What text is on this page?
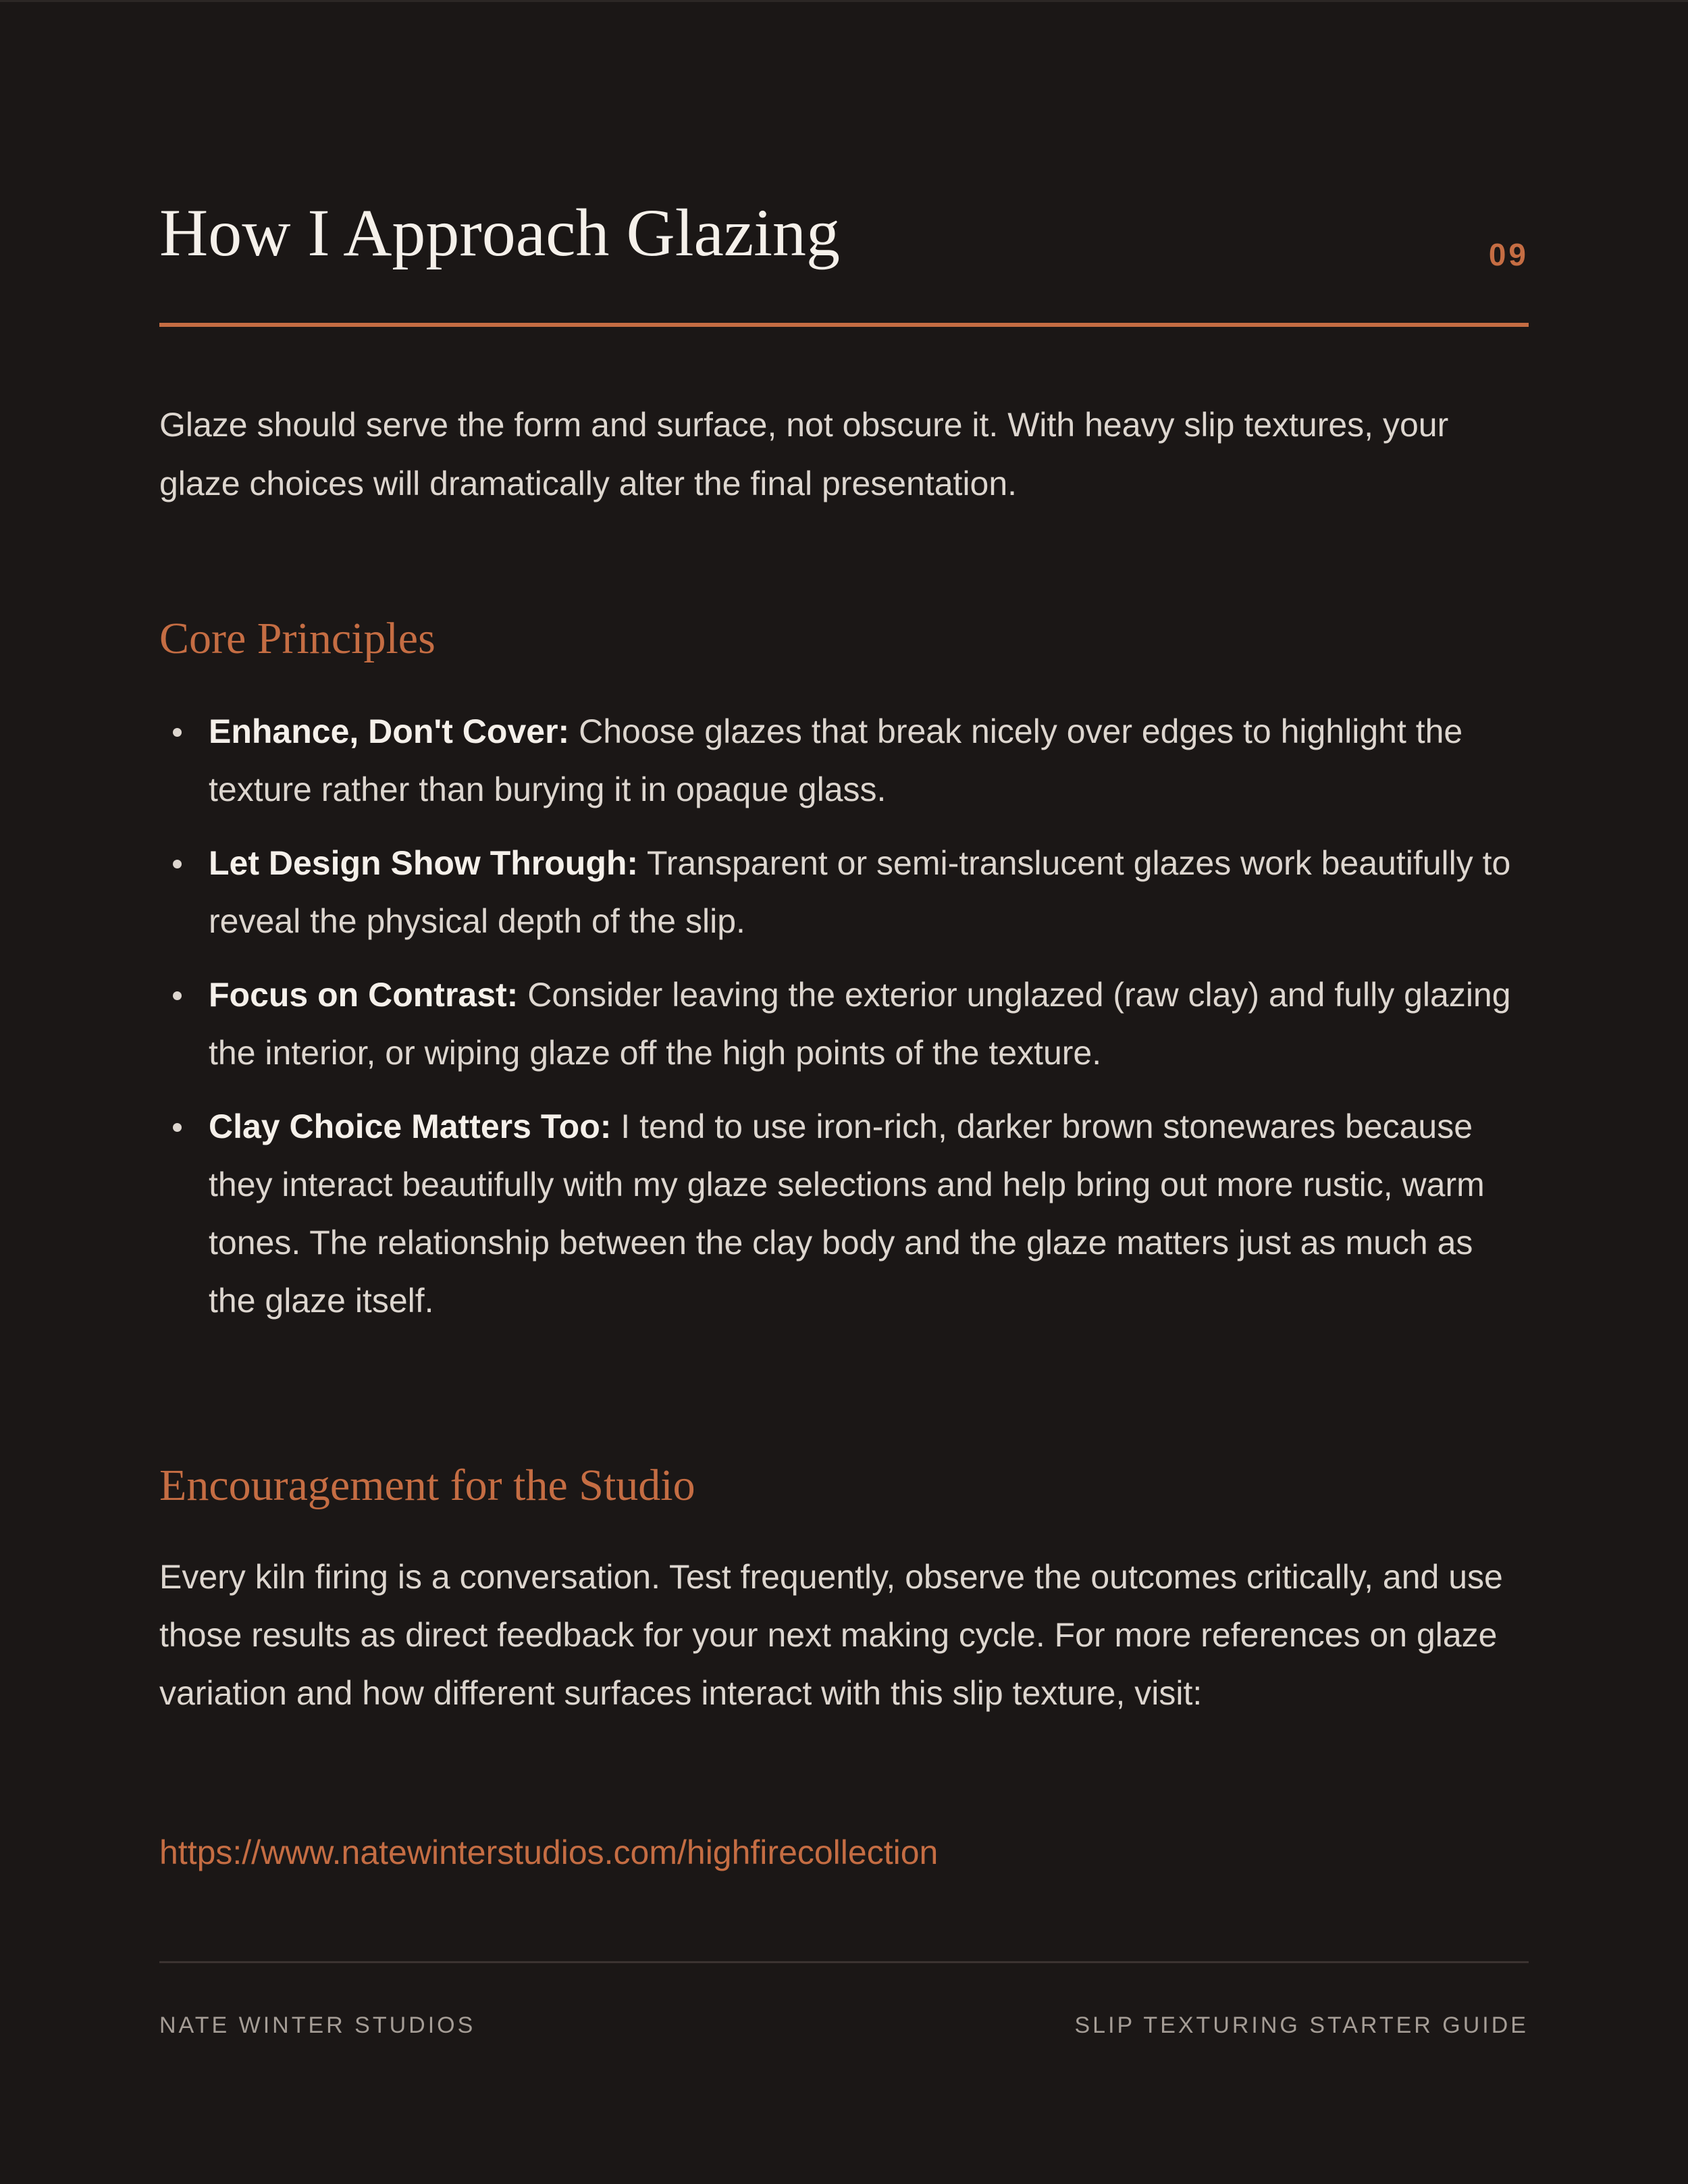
How I Approach Glazing	09

Glaze should serve the form and surface, not obscure it. With heavy slip textures, your glaze choices will dramatically alter the final presentation.

Core Principles
Enhance, Don't Cover: Choose glazes that break nicely over edges to highlight the texture rather than burying it in opaque glass.
Let Design Show Through: Transparent or semi-translucent glazes work beautifully to reveal the physical depth of the slip.
Focus on Contrast: Consider leaving the exterior unglazed (raw clay) and fully glazing the interior, or wiping glaze off the high points of the texture.
Clay Choice Matters Too: I tend to use iron-rich, darker brown stonewares because they interact beautifully with my glaze selections and help bring out more rustic, warm tones. The relationship between the clay body and the glaze matters just as much as the glaze itself.
Encouragement for the Studio

Every kiln firing is a conversation. Test frequently, observe the outcomes critically, and use those results as direct feedback for your next making cycle. For more references on glaze variation and how different surfaces interact with this slip texture, visit:

https://www.natewinterstudios.com/highfirecollection
NATE WINTER STUDIOS	SLIP TEXTURING STARTER GUIDE
